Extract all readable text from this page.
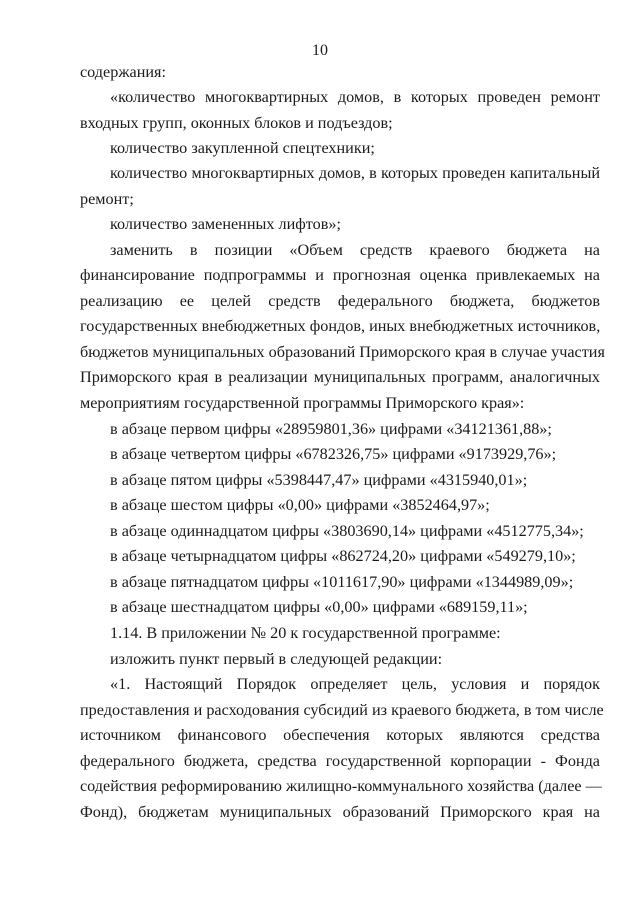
10
содержания:
«количество многоквартирных домов, в которых проведен ремонт
входных групп, оконных блоков и подъездов;
количество закупленной спецтехники;
количество многоквартирных домов, в которых проведен капитальный
ремонт;
количество замененных лифтов»;
заменить в позиции «Объем средств краевого бюджета на
финансирование подпрограммы и прогнозная оценка привлекаемых на
реализацию ее целей средств федерального бюджета, бюджетов
государственных внебюджетных фондов, иных внебюджетных источников,
бюджетов муниципальных образований Приморского края в случае участия
Приморского края в реализации муниципальных программ, аналогичных
мероприятиям государственной программы Приморского края»:
в абзаце первом цифры «28959801,36» цифрами «34121361,88»;
в абзаце четвертом цифры «6782326,75» цифрами «9173929,76»;
в абзаце пятом цифры «5398447,47» цифрами «4315940,01»;
в абзаце шестом цифры «0,00» цифрами «3852464,97»;
в абзаце одиннадцатом цифры «3803690,14» цифрами «4512775,34»;
в абзаце четырнадцатом цифры «862724,20» цифрами «549279,10»;
в абзаце пятнадцатом цифры «1011617,90» цифрами «1344989,09»;
в абзаце шестнадцатом цифры «0,00» цифрами «689159,11»;
1.14. В приложении № 20 к государственной программе:
изложить пункт первый в следующей редакции:
«1. Настоящий Порядок определяет цель, условия и порядок
предоставления и расходования субсидий из краевого бюджета, в том числе
источником финансового обеспечения которых являются средства
федерального бюджета, средства государственной корпорации - Фонда
содействия реформированию жилищно-коммунального хозяйства (далее —
Фонд), бюджетам муниципальных образований Приморского края на
